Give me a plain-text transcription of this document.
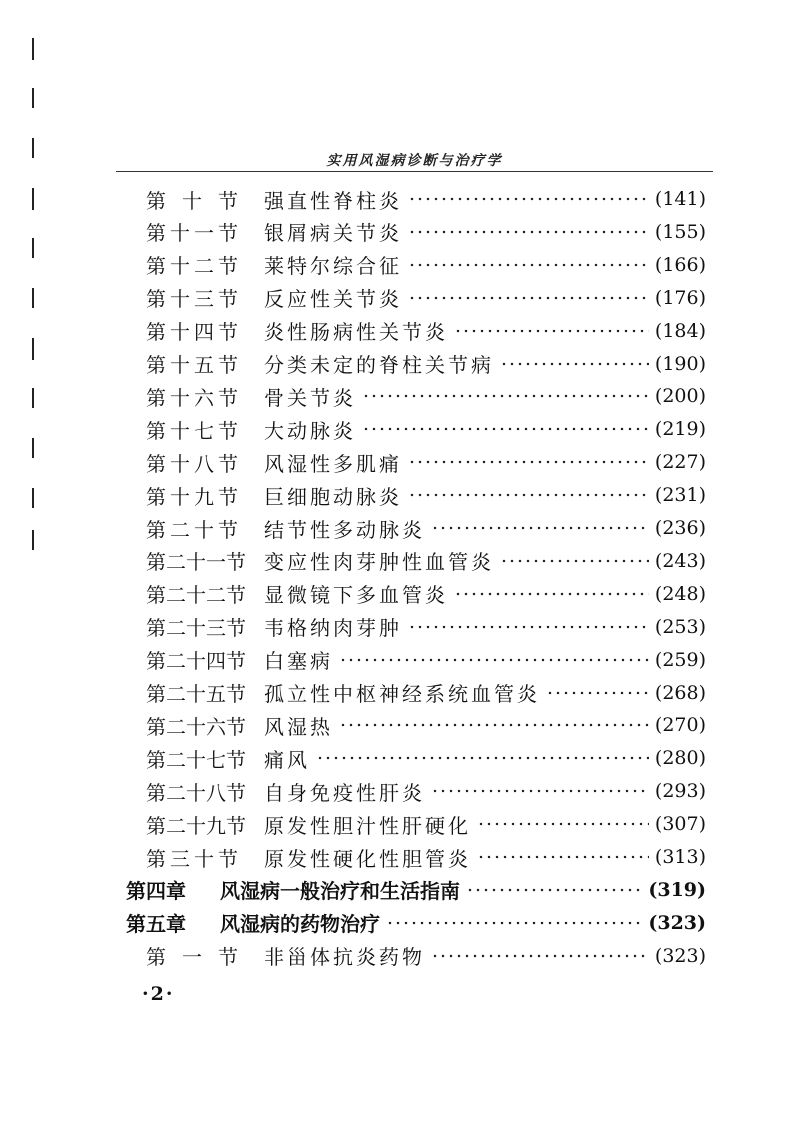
实用风湿病诊断与治疗学
第十节 强直性脊柱炎	(141)
第十一节 银屑病关节炎	(155)
第十二节 莱特尔综合征	(166)
第十三节 反应性关节炎	(176)
第十四节 炎性肠病性关节炎	(184)
第十五节 分类未定的脊柱关节病	(190)
第十六节 骨关节炎	(200)
第十七节 大动脉炎	(219)
第十八节 风湿性多肌痛	(227)
第十九节 巨细胞动脉炎	(231)
第二十节 结节性多动脉炎	(236)
第二十一节 变应性肉芽肿性血管炎	(243)
第二十二节 显微镜下多血管炎	(248)
第二十三节 韦格纳肉芽肿	(253)
第二十四节 白塞病	(259)
第二十五节 孤立性中枢神经系统血管炎	(268)
第二十六节 风湿热	(270)
第二十七节 痛风	(280)
第二十八节 自身免疫性肝炎	(293)
第二十九节 原发性胆汁性肝硬化	(307)
第三十节 原发性硬化性胆管炎	(313)
第四章	风湿病一般治疗和生活指南	(319)
第五章	风湿病的药物治疗	(323)
第一节 非甾体抗炎药物	(323)
·2·
